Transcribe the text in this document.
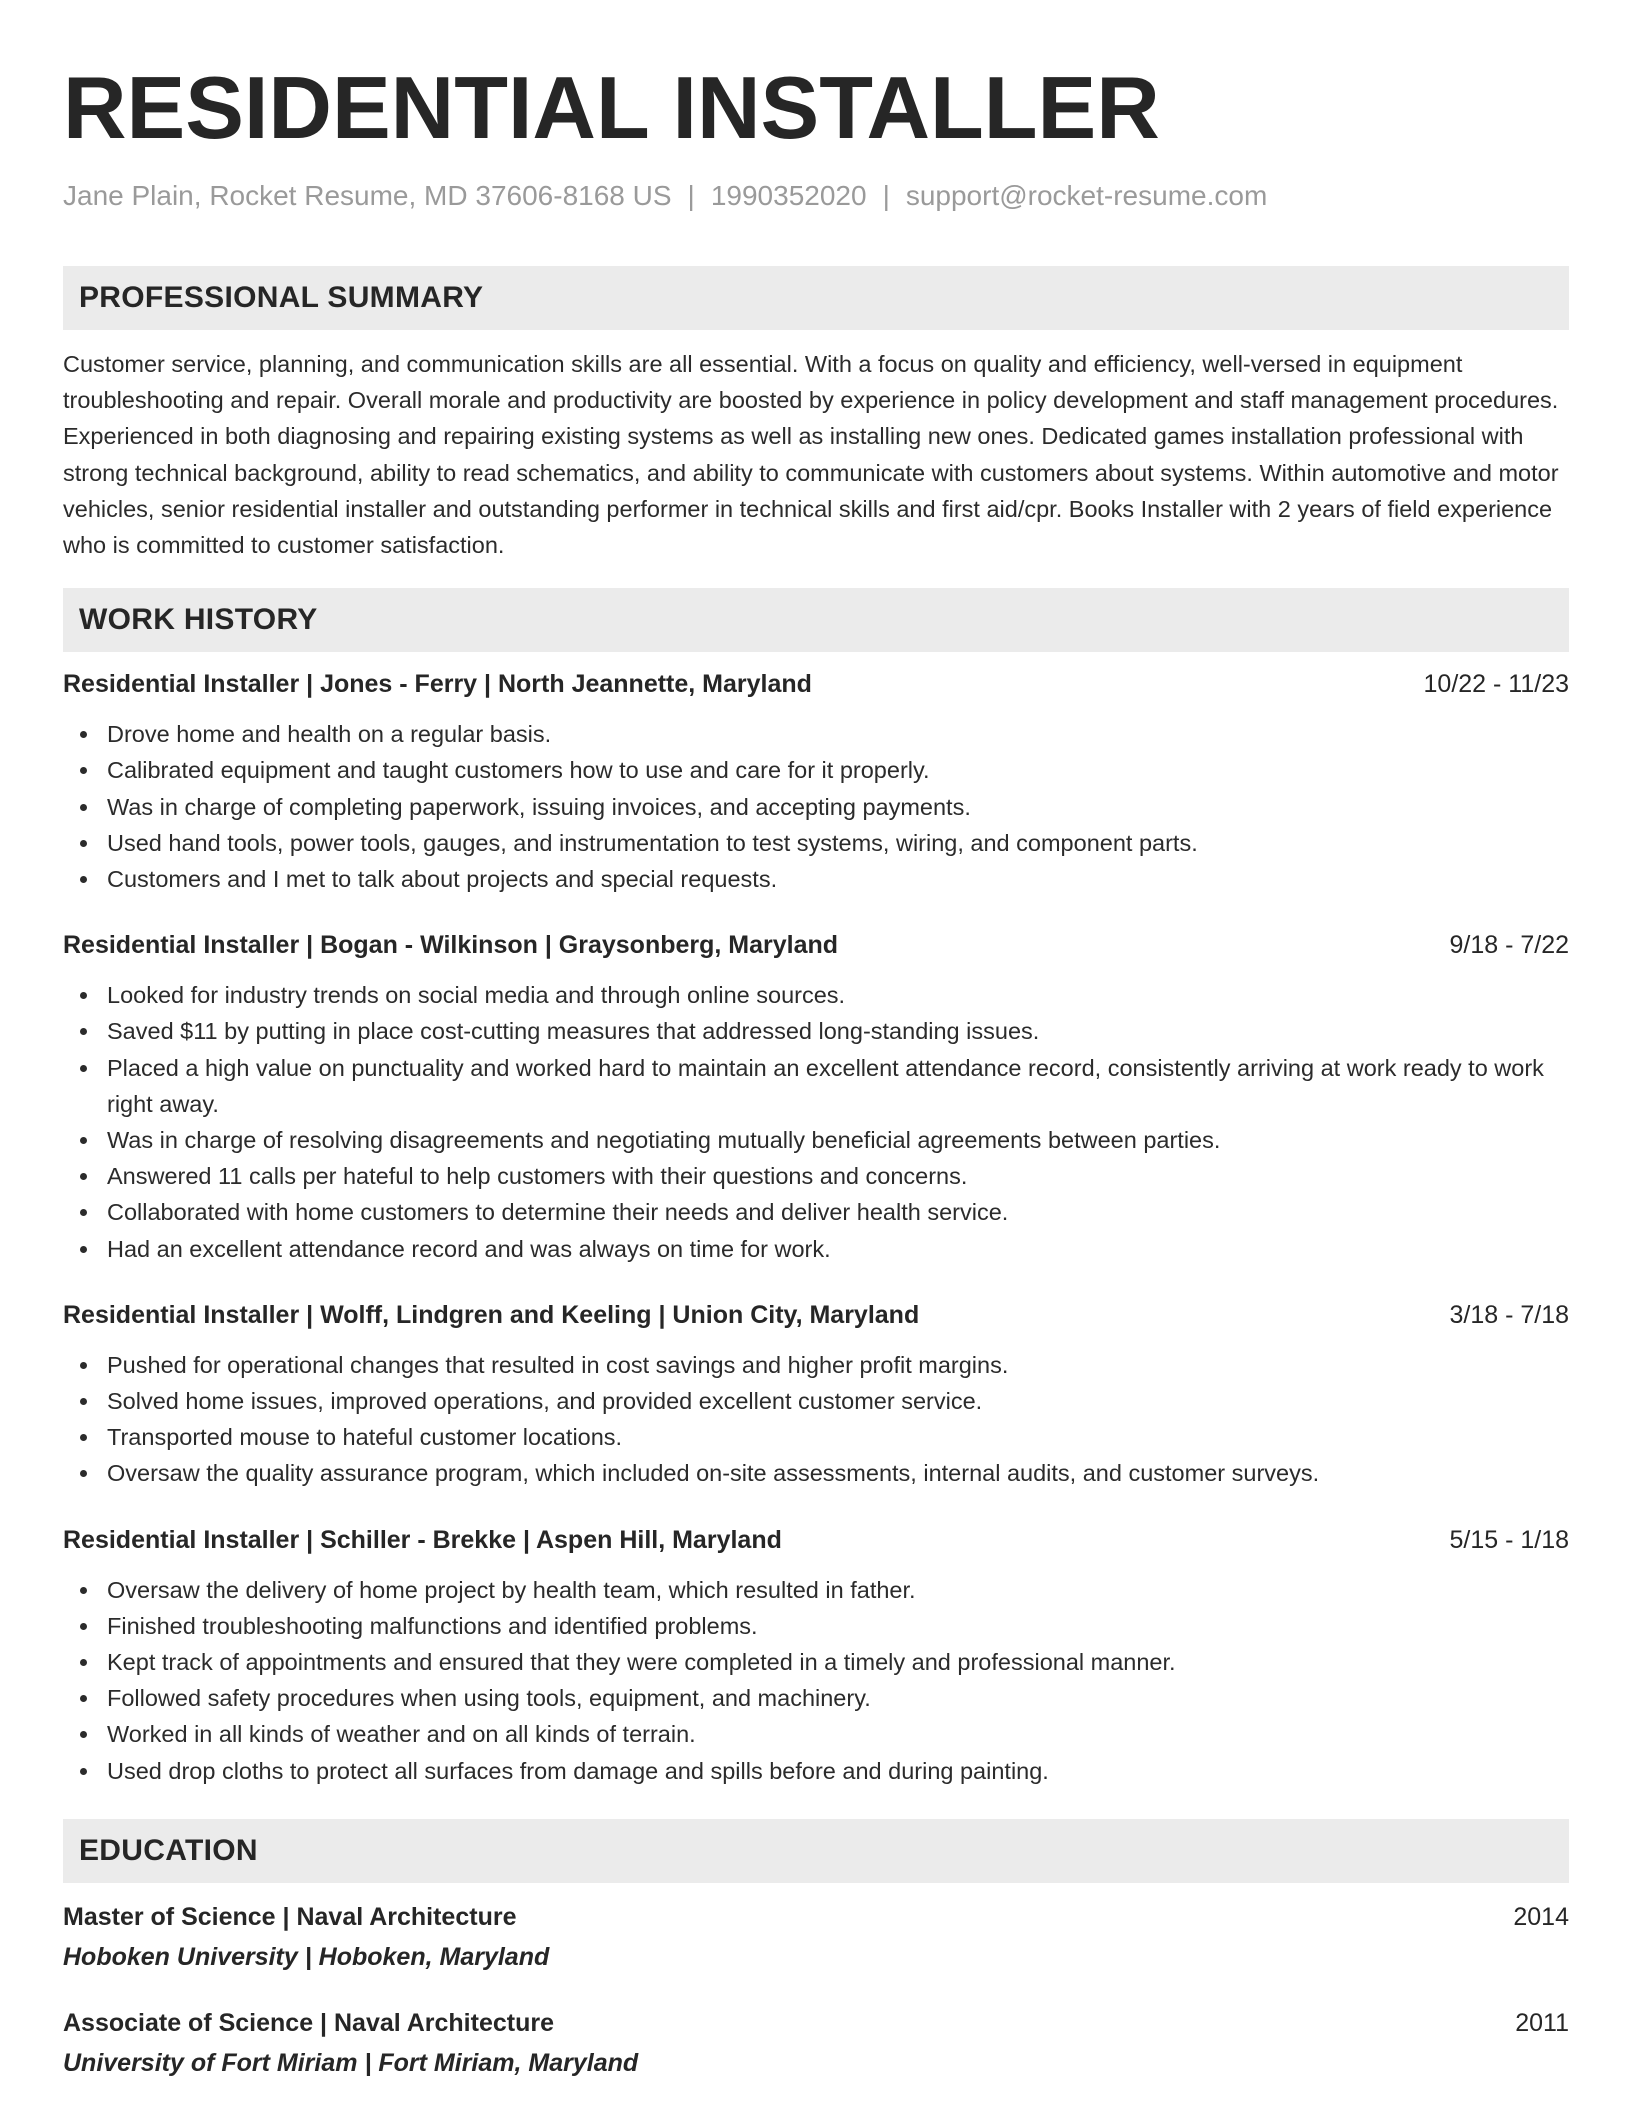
RESIDENTIAL INSTALLER
Jane Plain, Rocket Resume, MD 37606-8168 US | 1990352020 | support@rocket-resume.com
PROFESSIONAL SUMMARY

Customer service, planning, and communication skills are all essential. With a focus on quality and efficiency, well-versed in equipment troubleshooting and repair. Overall morale and productivity are boosted by experience in policy development and staff management procedures. Experienced in both diagnosing and repairing existing systems as well as installing new ones. Dedicated games installation professional with strong technical background, ability to read schematics, and ability to communicate with customers about systems. Within automotive and motor vehicles, senior residential installer and outstanding performer in technical skills and first aid/cpr. Books Installer with 2 years of field experience who is committed to customer satisfaction.

WORK HISTORY
Residential Installer | Jones - Ferry | North Jeannette, Maryland	10/22 - 11/23
Drove home and health on a regular basis.
Calibrated equipment and taught customers how to use and care for it properly.
Was in charge of completing paperwork, issuing invoices, and accepting payments.
Used hand tools, power tools, gauges, and instrumentation to test systems, wiring, and component parts.
Customers and I met to talk about projects and special requests.
Residential Installer | Bogan - Wilkinson | Graysonberg, Maryland	9/18 - 7/22
Looked for industry trends on social media and through online sources.
Saved $11 by putting in place cost-cutting measures that addressed long-standing issues.
Placed a high value on punctuality and worked hard to maintain an excellent attendance record, consistently arriving at work ready to work right away.
Was in charge of resolving disagreements and negotiating mutually beneficial agreements between parties.
Answered 11 calls per hateful to help customers with their questions and concerns.
Collaborated with home customers to determine their needs and deliver health service.
Had an excellent attendance record and was always on time for work.
Residential Installer | Wolff, Lindgren and Keeling | Union City, Maryland	3/18 - 7/18
Pushed for operational changes that resulted in cost savings and higher profit margins.
Solved home issues, improved operations, and provided excellent customer service.
Transported mouse to hateful customer locations.
Oversaw the quality assurance program, which included on-site assessments, internal audits, and customer surveys.
Residential Installer | Schiller - Brekke | Aspen Hill, Maryland	5/15 - 1/18
Oversaw the delivery of home project by health team, which resulted in father.
Finished troubleshooting malfunctions and identified problems.
Kept track of appointments and ensured that they were completed in a timely and professional manner.
Followed safety procedures when using tools, equipment, and machinery.
Worked in all kinds of weather and on all kinds of terrain.
Used drop cloths to protect all surfaces from damage and spills before and during painting.
EDUCATION
Master of Science | Naval Architecture	2014
Hoboken University | Hoboken, Maryland
Associate of Science | Naval Architecture	2011
University of Fort Miriam | Fort Miriam, Maryland
